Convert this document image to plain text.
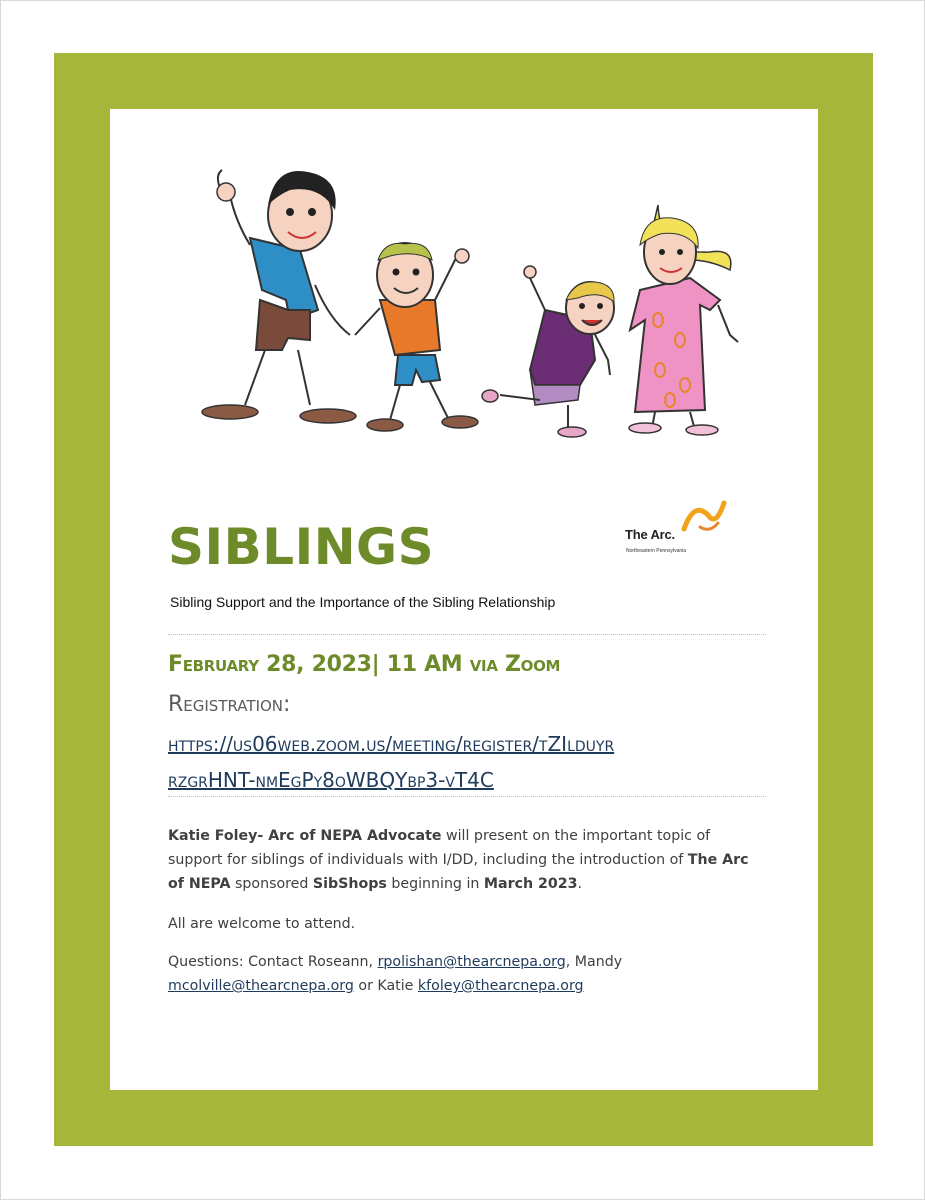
The Arc.
Northeastern Pennsylvania
SIBLINGS
Sibling Support and the Importance of the Sibling Relationship
February 28, 2023| 11 AM via Zoom
Registration:
https://us06web.zoom.us/meeting/register/tZIlduyr
rzgrHNT-nmEgPy8oWBQYbp3-vT4C
Katie Foley- Arc of NEPA Advocate will present on the important topic of support for siblings of individuals with I/DD, including the introduction of The Arc of NEPA sponsored SibShops beginning in March 2023.
All are welcome to attend.
Questions: Contact Roseann, rpolishan@thearcnepa.org, Mandy mcolville@thearcnepa.org or Katie kfoley@thearcnepa.org
